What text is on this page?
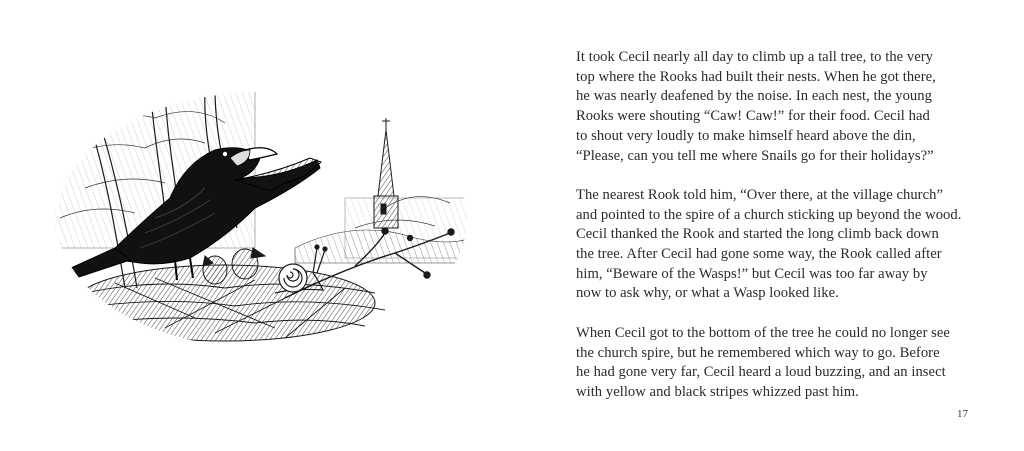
It took Cecil nearly all day to climb up a tall tree, to the very
top where the Rooks had built their nests. When he got there,
he was nearly deafened by the noise. In each nest, the young
Rooks were shouting “Caw! Caw!” for their food. Cecil had
to shout very loudly to make himself heard above the din,
“Please, can you tell me where Snails go for their holidays?”
The nearest Rook told him, “Over there, at the village church”
and pointed to the spire of a church sticking up beyond the wood.
Cecil thanked the Rook and started the long climb back down
the tree. After Cecil had gone some way, the Rook called after
him, “Beware of the Wasps!” but Cecil was too far away by
now to ask why, or what a Wasp looked like.
When Cecil got to the bottom of the tree he could no longer see
the church spire, but he remembered which way to go. Before
he had gone very far, Cecil heard a loud buzzing, and an insect
with yellow and black stripes whizzed past him.
17
